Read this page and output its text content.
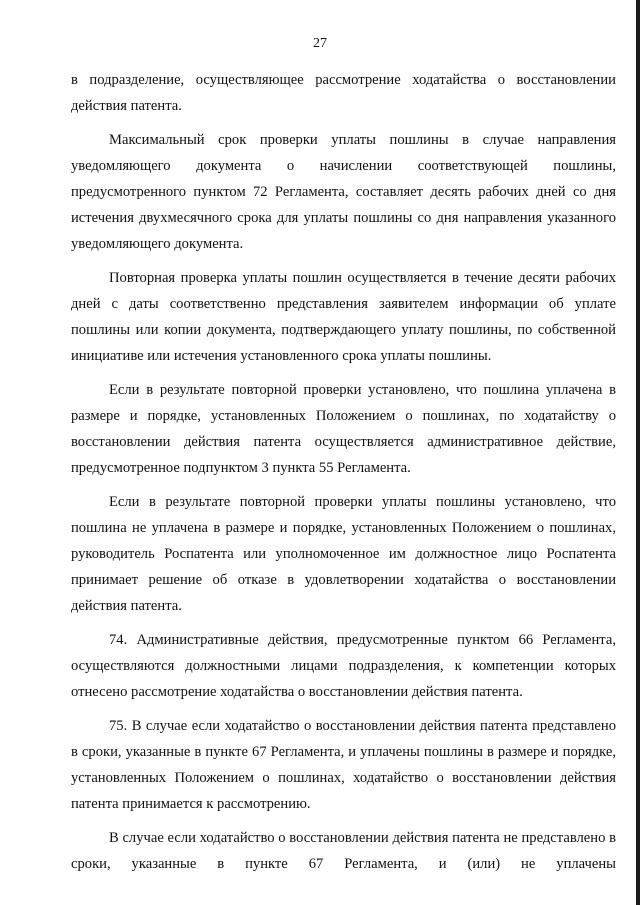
27

в подразделение, осуществляющее рассмотрение ходатайства о восстановлении действия патента.

Максимальный срок проверки уплаты пошлины в случае направления уведомляющего документа о начислении соответствующей пошлины, предусмотренного пунктом 72 Регламента, составляет десять рабочих дней со дня истечения двухмесячного срока для уплаты пошлины со дня направления указанного уведомляющего документа.

Повторная проверка уплаты пошлин осуществляется в течение десяти рабочих дней с даты соответственно представления заявителем информации об уплате пошлины или копии документа, подтверждающего уплату пошлины, по собственной инициативе или истечения установленного срока уплаты пошлины.

Если в результате повторной проверки установлено, что пошлина уплачена в размере и порядке, установленных Положением о пошлинах, по ходатайству о восстановлении действия патента осуществляется административное действие, предусмотренное подпунктом 3 пункта 55 Регламента.

Если в результате повторной проверки уплаты пошлины установлено, что пошлина не уплачена в размере и порядке, установленных Положением о пошлинах, руководитель Роспатента или уполномоченное им должностное лицо Роспатента принимает решение об отказе в удовлетворении ходатайства о восстановлении действия патента.

74. Административные действия, предусмотренные пунктом 66 Регламента, осуществляются должностными лицами подразделения, к компетенции которых отнесено рассмотрение ходатайства о восстановлении действия патента.

75. В случае если ходатайство о восстановлении действия патента представлено в сроки, указанные в пункте 67 Регламента, и уплачены пошлины в размере и порядке, установленных Положением о пошлинах, ходатайство о восстановлении действия патента принимается к рассмотрению.

В случае если ходатайство о восстановлении действия патента не представлено в сроки, указанные в пункте 67 Регламента, и (или) не уплачены
